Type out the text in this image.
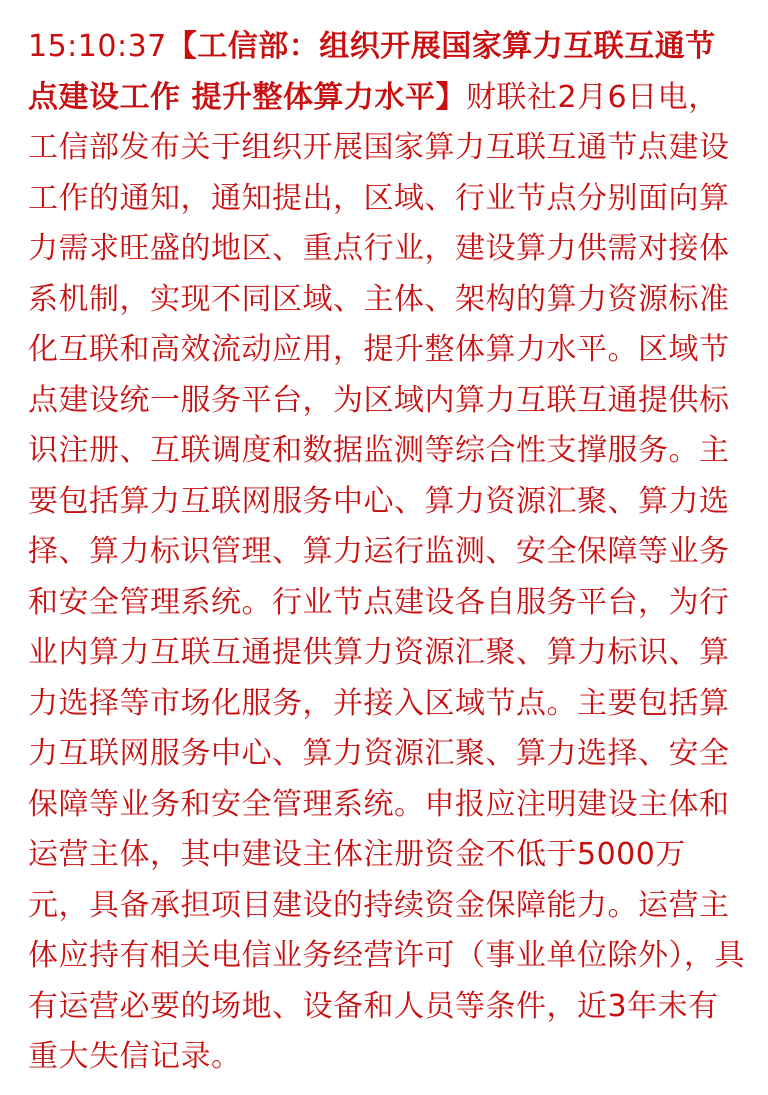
15:10:37【工信部：组织开展国家算力互联互通节点建设工作 提升整体算力水平】财联社2月6日电，工信部发布关于组织开展国家算力互联互通节点建设工作的通知，通知提出，区域、行业节点分别面向算力需求旺盛的地区、重点行业，建设算力供需对接体系机制，实现不同区域、主体、架构的算力资源标准化互联和高效流动应用，提升整体算力水平。区域节点建设统一服务平台，为区域内算力互联互通提供标识注册、互联调度和数据监测等综合性支撑服务。主要包括算力互联网服务中心、算力资源汇聚、算力选择、算力标识管理、算力运行监测、安全保障等业务和安全管理系统。行业节点建设各自服务平台，为行业内算力互联互通提供算力资源汇聚、算力标识、算力选择等市场化服务，并接入区域节点。主要包括算力互联网服务中心、算力资源汇聚、算力选择、安全保障等业务和安全管理系统。申报应注明建设主体和运营主体，其中建设主体注册资金不低于5000万元，具备承担项目建设的持续资金保障能力。运营主体应持有相关电信业务经营许可（事业单位除外），具有运营必要的场地、设备和人员等条件，近3年未有重大失信记录。
